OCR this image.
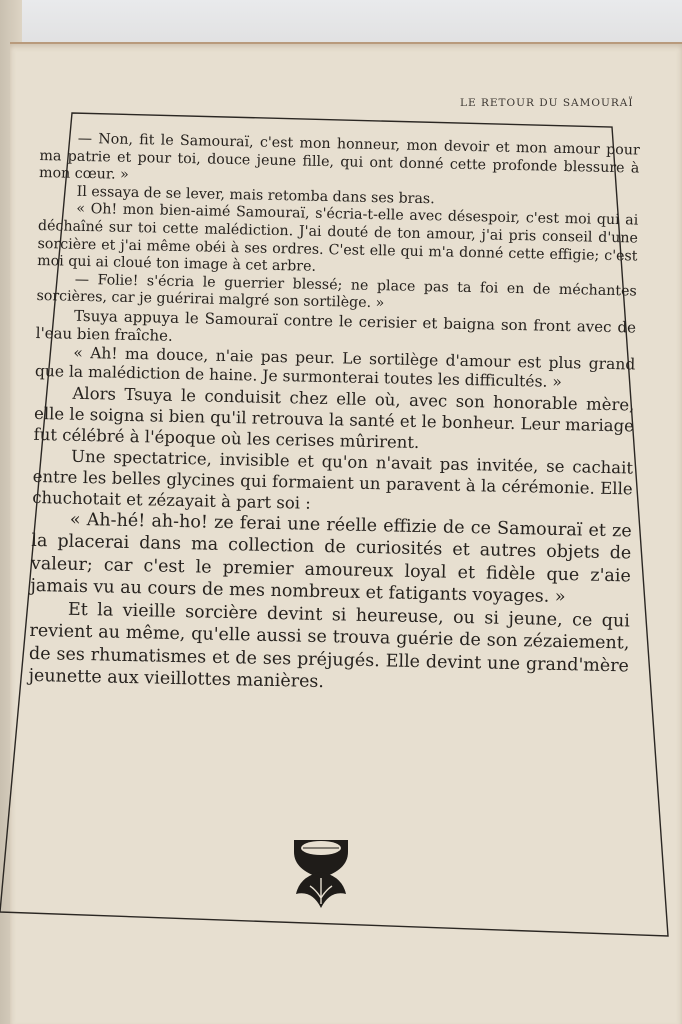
LE RETOUR DU SAMOURAÏ

— Non, fit le Samouraï, c'est mon honneur, mon devoir et mon amour pour ma patrie et pour toi, douce jeune fille, qui ont donné cette profonde blessure à mon cœur. »

Il essaya de se lever, mais retomba dans ses bras.

« Oh! mon bien-aimé Samouraï, s'écria-t-elle avec désespoir, c'est moi qui ai déchaîné sur toi cette malédiction. J'ai douté de ton amour, j'ai pris conseil d'une sorcière et j'ai même obéi à ses ordres. C'est elle qui m'a donné cette effigie; c'est moi qui ai cloué ton image à cet arbre.

— Folie! s'écria le guerrier blessé; ne place pas ta foi en de méchantes sorcières, car je guérirai malgré son sortilège. »

Tsuya appuya le Samouraï contre le cerisier et baigna son front avec de l'eau bien fraîche.

« Ah! ma douce, n'aie pas peur. Le sortilège d'amour est plus grand que la malédiction de haine. Je surmonterai toutes les difficultés. »

Alors Tsuya le conduisit chez elle où, avec son honorable mère, elle le soigna si bien qu'il retrouva la santé et le bonheur. Leur mariage fut célébré à l'époque où les cerises mûrirent.

Une spectatrice, invisible et qu'on n'avait pas invitée, se cachait entre les belles glycines qui formaient un paravent à la cérémonie. Elle chuchotait et zézayait à part soi :

« Ah-hé! ah-ho! ze ferai une réelle effizie de ce Samouraï et ze la placerai dans ma collection de curiosités et autres objets de valeur; car c'est le premier amoureux loyal et fidèle que z'aie jamais vu au cours de mes nombreux et fatigants voyages. »

Et la vieille sorcière devint si heureuse, ou si jeune, ce qui revient au même, qu'elle aussi se trouva guérie de son zézaiement, de ses rhumatismes et de ses préjugés. Elle devint une grand'mère jeunette aux vieillottes manières.
